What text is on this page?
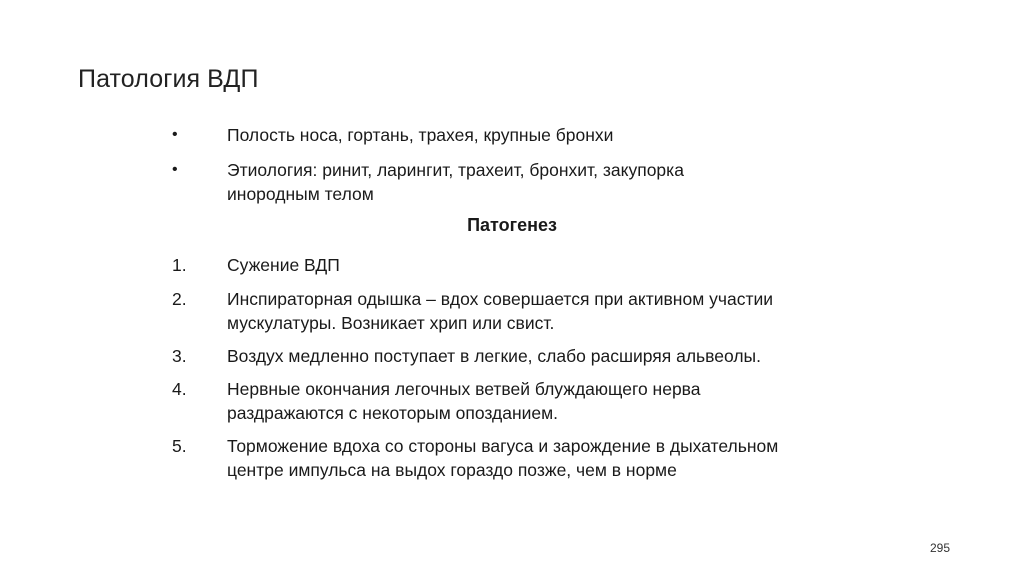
Патология ВДП
•	Полость носа, гортань, трахея, крупные бронхи
•	Этиология: ринит, ларингит, трахеит, бронхит, закупорка
инородным телом
Патогенез
1.	Сужение ВДП
2.	Инспираторная одышка – вдох совершается при активном участии
мускулатуры. Возникает хрип или свист.
3.	Воздух медленно поступает в легкие, слабо расширяя альвеолы.
4.	Нервные окончания легочных ветвей блуждающего нерва
раздражаются с некоторым опозданием.
5.	Торможение вдоха со стороны вагуса и зарождение в дыхательном
центре импульса на выдох гораздо позже, чем в норме
295
